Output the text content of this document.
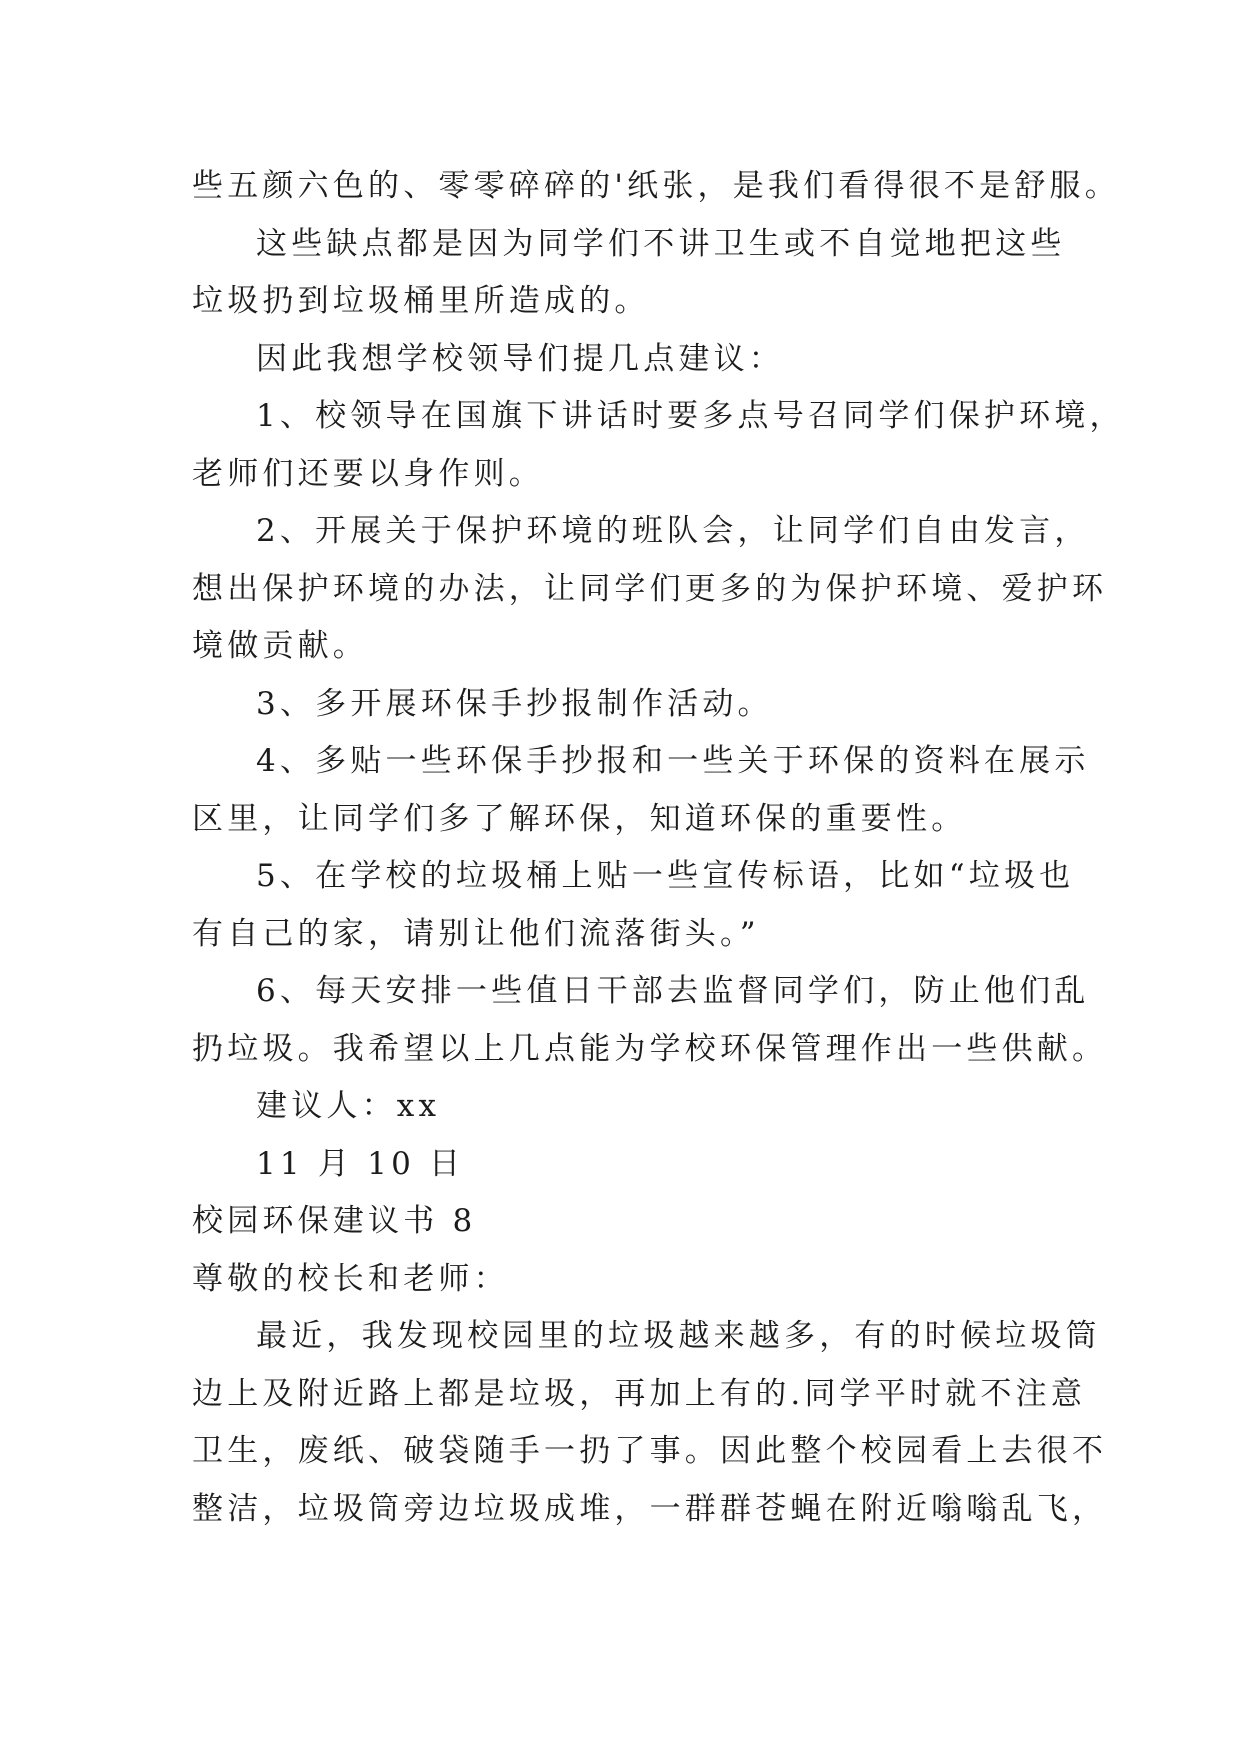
些五颜六色的、零零碎碎的'纸张，是我们看得很不是舒服。
这些缺点都是因为同学们不讲卫生或不自觉地把这些
垃圾扔到垃圾桶里所造成的。
因此我想学校领导们提几点建议：
1、校领导在国旗下讲话时要多点号召同学们保护环境，
老师们还要以身作则。
2、开展关于保护环境的班队会，让同学们自由发言，
想出保护环境的办法，让同学们更多的为保护环境、爱护环
境做贡献。
3、多开展环保手抄报制作活动。
4、多贴一些环保手抄报和一些关于环保的资料在展示
区里，让同学们多了解环保，知道环保的重要性。
5、在学校的垃圾桶上贴一些宣传标语，比如“垃圾也
有自己的家，请别让他们流落街头。”
6、每天安排一些值日干部去监督同学们，防止他们乱
扔垃圾。我希望以上几点能为学校环保管理作出一些供献。
建议人：xx
11 月 10 日
校园环保建议书 8
尊敬的校长和老师：
最近，我发现校园里的垃圾越来越多，有的时候垃圾筒
边上及附近路上都是垃圾，再加上有的.同学平时就不注意
卫生，废纸、破袋随手一扔了事。因此整个校园看上去很不
整洁，垃圾筒旁边垃圾成堆，一群群苍蝇在附近嗡嗡乱飞，
